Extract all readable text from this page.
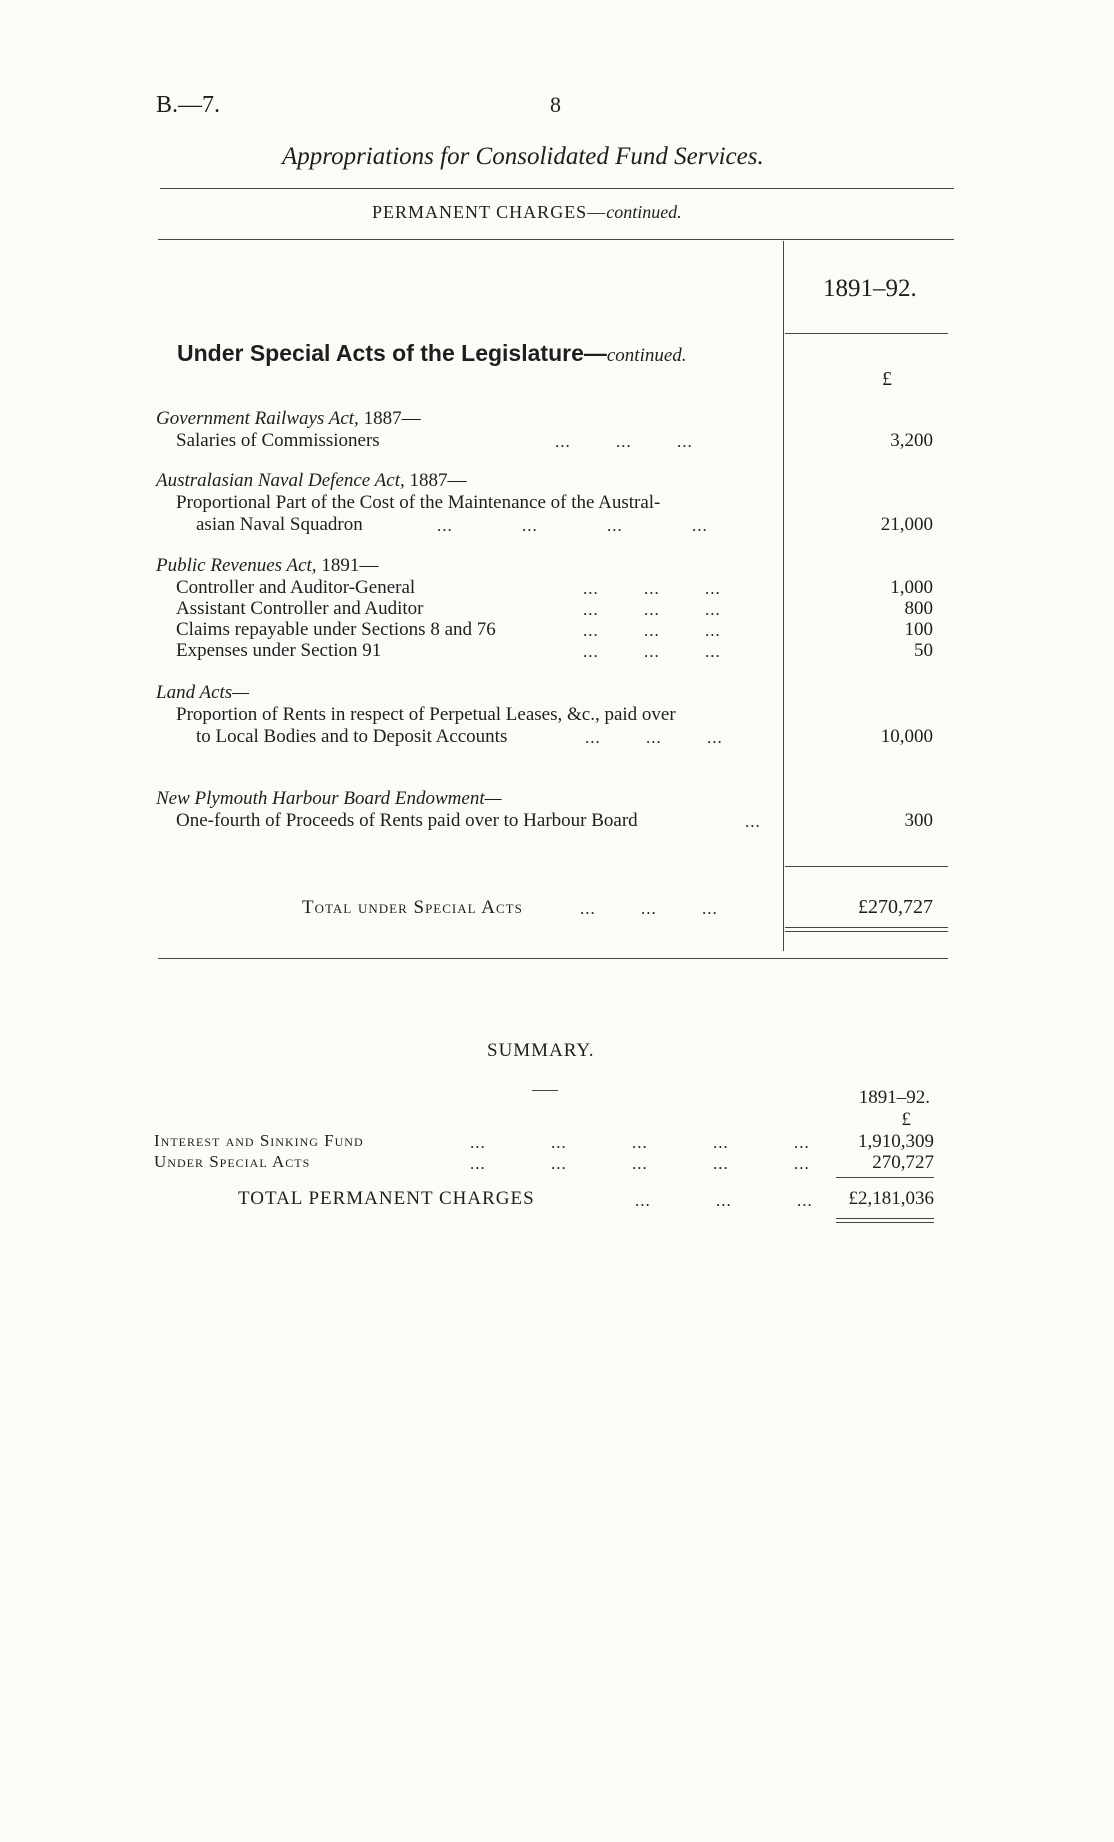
B.—7.	8
Appropriations for Consolidated Fund Services.
PERMANENT CHARGES—continued.
1891–92.
Under Special Acts of the Legislature—continued.
£
Government Railways Act, 1887—
Salaries of Commissioners	...	...	...	3,200
Australasian Naval Defence Act, 1887—
Proportional Part of the Cost of the Maintenance of the Austral-
asian Naval Squadron	...	...	...	...	21,000
Public Revenues Act, 1891—
Controller and Auditor-General	...	...	...	1,000
Assistant Controller and Auditor	...	...	...	800
Claims repayable under Sections 8 and 76	...	...	...	100
Expenses under Section 91	...	...	...	50
Land Acts—
Proportion of Rents in respect of Perpetual Leases, &c., paid over
to Local Bodies and to Deposit Accounts	...	...	...	10,000
New Plymouth Harbour Board Endowment—
One-fourth of Proceeds of Rents paid over to Harbour Board	...	300
Total under Special Acts	...	...	...	£270,727
SUMMARY.
1891–92.
£
Interest and Sinking Fund	...	...	...	...	...	1,910,309
Under Special Acts	...	...	...	...	...	270,727
TOTAL PERMANENT CHARGES	...	...	... £2,181,036
